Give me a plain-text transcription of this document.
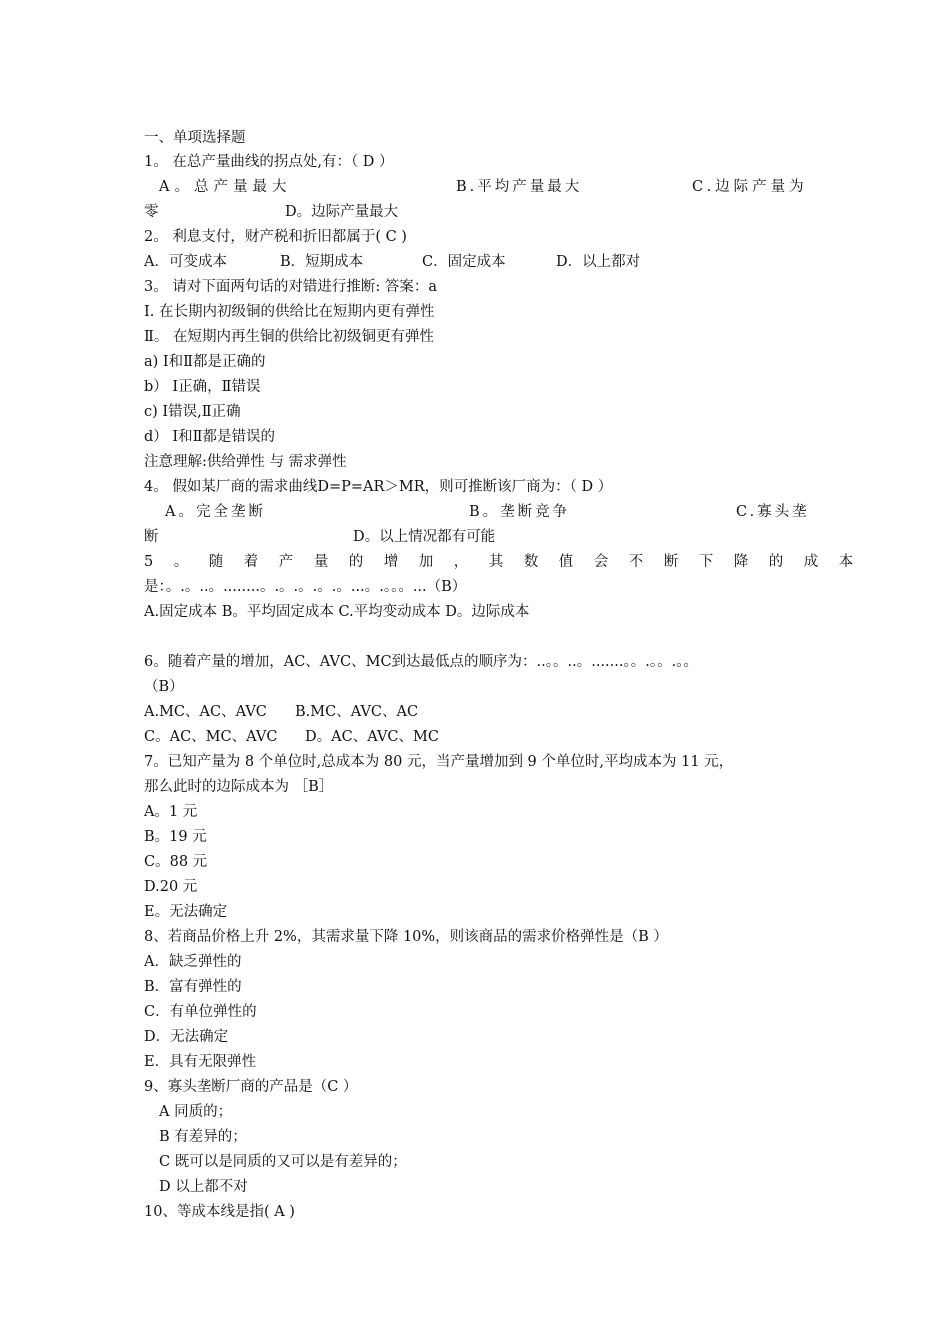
一、单项选择题
1。 在总产量曲线的拐点处,有：（ D ）
A。总产量最大	B.平均产量最大	C.边际产量为
零	D。边际产量最大
2。 利息支付，财产税和折旧都属于( C )
A．可变成本	B．短期成本	C．固定成本	D．以上都对
3。 请对下面两句话的对错进行推断: 答案：a
Ⅰ. 在长期内初级铜的供给比在短期内更有弹性
Ⅱ。 在短期内再生铜的供给比初级铜更有弹性
a) Ⅰ和Ⅱ都是正确的
b） Ⅰ正确，Ⅱ错误
c) Ⅰ错误,Ⅱ正确
d） Ⅰ和Ⅱ都是错误的
注意理解:供给弹性 与 需求弹性
4。 假如某厂商的需求曲线D=P=AR＞MR，则可推断该厂商为：（ D ）
A。完全垄断	B。垄断竞争	C.寡头垄
断	D。以上情况都有可能
5。随着产量的增加，其数值会不断下降的成本
是：。.。..。........。.。.。.。.。...。.。。。...（B）
A.固定成本 B。平均固定成本 C.平均变动成本 D。边际成本
6。随着产量的增加，AC、AVC、MC到达最低点的顺序为：..。。..。.......。。.。。.。。
（B）
A.MC、AC、AVC B.MC、AVC、AC
C。AC、MC、AVC D。AC、AVC、MC
7。已知产量为 8 个单位时,总成本为 80 元，当产量增加到 9 个单位时,平均成本为 11 元，
那么此时的边际成本为 ［B］
A。1 元
B。19 元
C。88 元
D.20 元
E。无法确定
8、若商品价格上升 2%，其需求量下降 10%，则该商品的需求价格弹性是（B ）
A．缺乏弹性的
B．富有弹性的
C．有单位弹性的
D．无法确定
E．具有无限弹性
9、寡头垄断厂商的产品是（C ）
A 同质的；
B 有差异的；
C 既可以是同质的又可以是有差异的；
D 以上都不对
10、等成本线是指( A )
